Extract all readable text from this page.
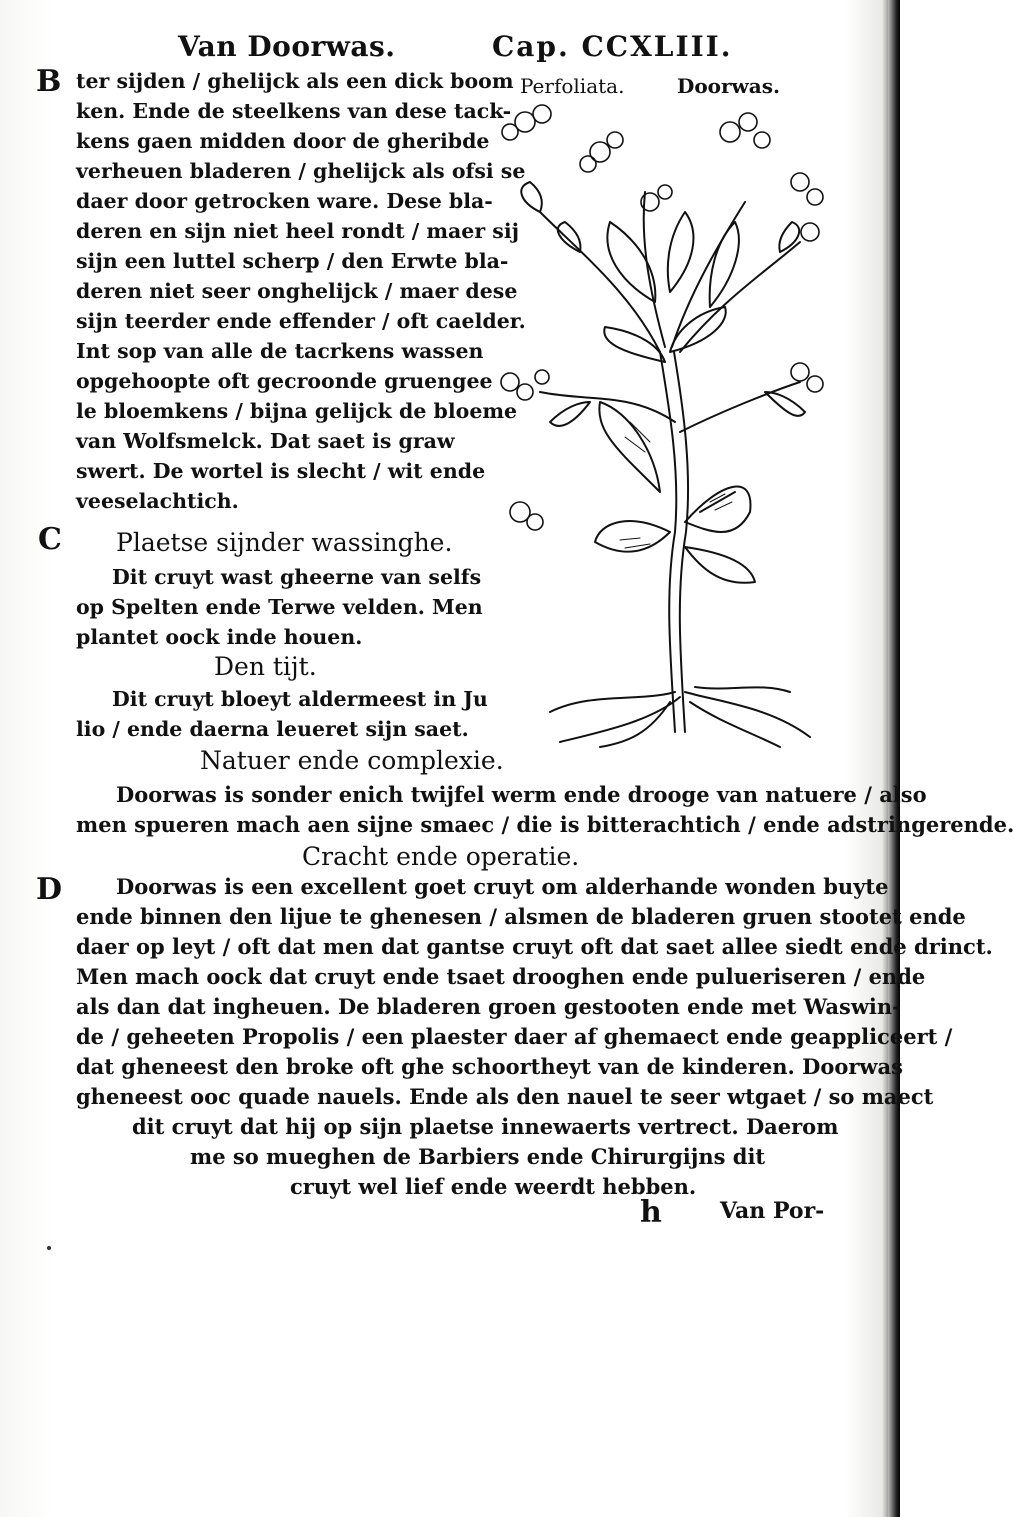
Van Doorwas.	Cap. CCXLIII.
Perfoliata.	Doorwas.
B ter sijden / ghelijck als een dick boom
ken. Ende de steelkens van dese tack-
kens gaen midden door de gheribde
verheuen bladeren / ghelijck als ofsi se
daer door getrocken ware. Dese bla-
deren en sijn niet heel rondt / maer sij
sijn een luttel scherp / den Erwte bla-
deren niet seer onghelijck / maer dese
sijn teerder ende effender / oft caelder.
Int sop van alle de tacrkens wassen
opgehoopte oft gecroonde gruengee
le bloemkens / bijna gelijck de bloeme
van Wolfsmelck. Dat saet is graw
swert. De wortel is slecht / wit ende
veeselachtich.
C Plaetse sijnder wassinghe.
Dit cruyt wast gheerne van selfs
op Spelten ende Terwe velden. Men
plantet oock inde houen.
Den tijt.
Dit cruyt bloeyt aldermeest in Ju
lio / ende daerna leueret sijn saet.
Natuer ende complexie.
Doorwas is sonder enich twijfel werm ende drooge van natuere / also
men spueren mach aen sijne smaec / die is bitterachtich / ende adstringerende.
Cracht ende operatie.
D	Doorwas is een excellent goet cruyt om alderhande wonden buyte
ende binnen den lijue te ghenesen / alsmen de bladeren gruen stootet ende
daer op leyt / oft dat men dat gantse cruyt oft dat saet allee siedt ende drinct.
Men mach oock dat cruyt ende tsaet drooghen ende pulueriseren / ende
als dan dat ingheuen. De bladeren groen gestooten ende met Waswin-
de / geheeten Propolis / een plaester daer af ghemaect ende geappliceert /
dat gheneest den broke oft ghe schoortheyt van de kinderen. Doorwas
gheneest ooc quade nauels. Ende als den nauel te seer wtgaet / so maect
dit cruyt dat hij op sijn plaetse innewaerts vertrect. Daerom
me so mueghen de Barbiers ende Chirurgijns dit
cruyt wel lief ende weerdt hebben.
h	Van Por-
